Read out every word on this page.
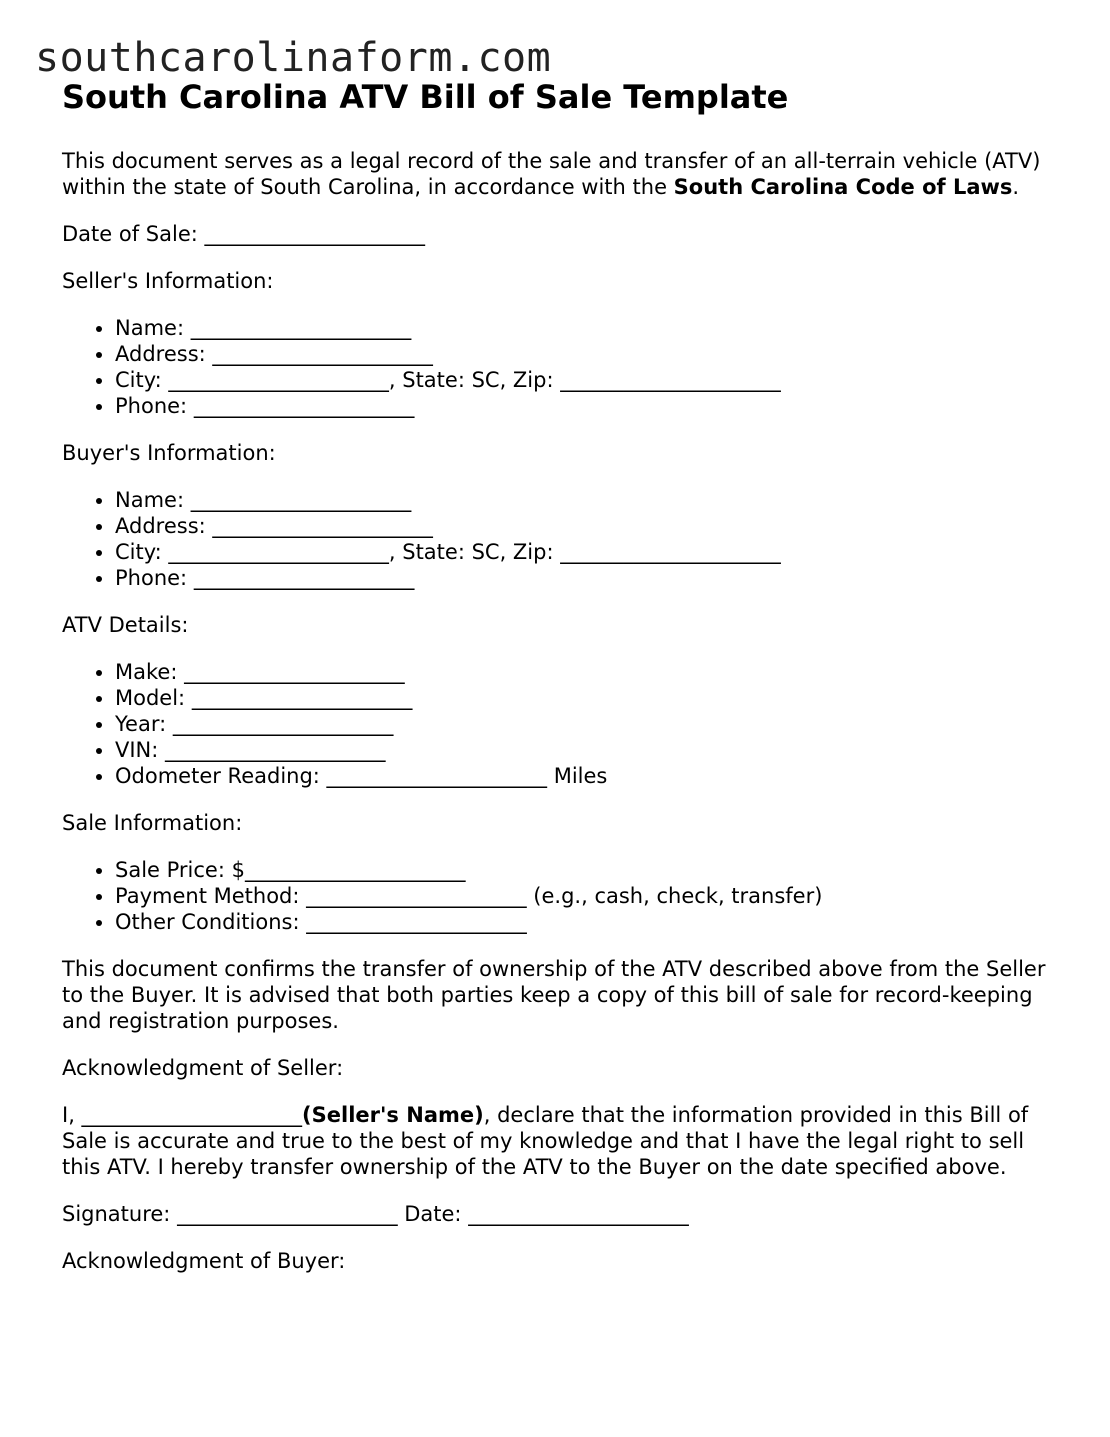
southcarolinaform.com
South Carolina ATV Bill of Sale Template

This document serves as a legal record of the sale and transfer of an all-terrain vehicle (ATV) within the state of South Carolina, in accordance with the South Carolina Code of Laws.

Date of Sale: _____________________

Seller's Information:

• Name: _____________________
• Address: _____________________
• City: _____________________, State: SC, Zip: _____________________
• Phone: _____________________

Buyer's Information:

• Name: _____________________
• Address: _____________________
• City: _____________________, State: SC, Zip: _____________________
• Phone: _____________________

ATV Details:

• Make: _____________________
• Model: _____________________
• Year: _____________________
• VIN: _____________________
• Odometer Reading: _____________________ Miles

Sale Information:

• Sale Price: $_____________________
• Payment Method: _____________________ (e.g., cash, check, transfer)
• Other Conditions: _____________________

This document confirms the transfer of ownership of the ATV described above from the Seller to the Buyer. It is advised that both parties keep a copy of this bill of sale for record-keeping and registration purposes.

Acknowledgment of Seller:

I, _____________________(Seller's Name), declare that the information provided in this Bill of Sale is accurate and true to the best of my knowledge and that I have the legal right to sell this ATV. I hereby transfer ownership of the ATV to the Buyer on the date specified above.

Signature: _____________________ Date: _____________________

Acknowledgment of Buyer:
